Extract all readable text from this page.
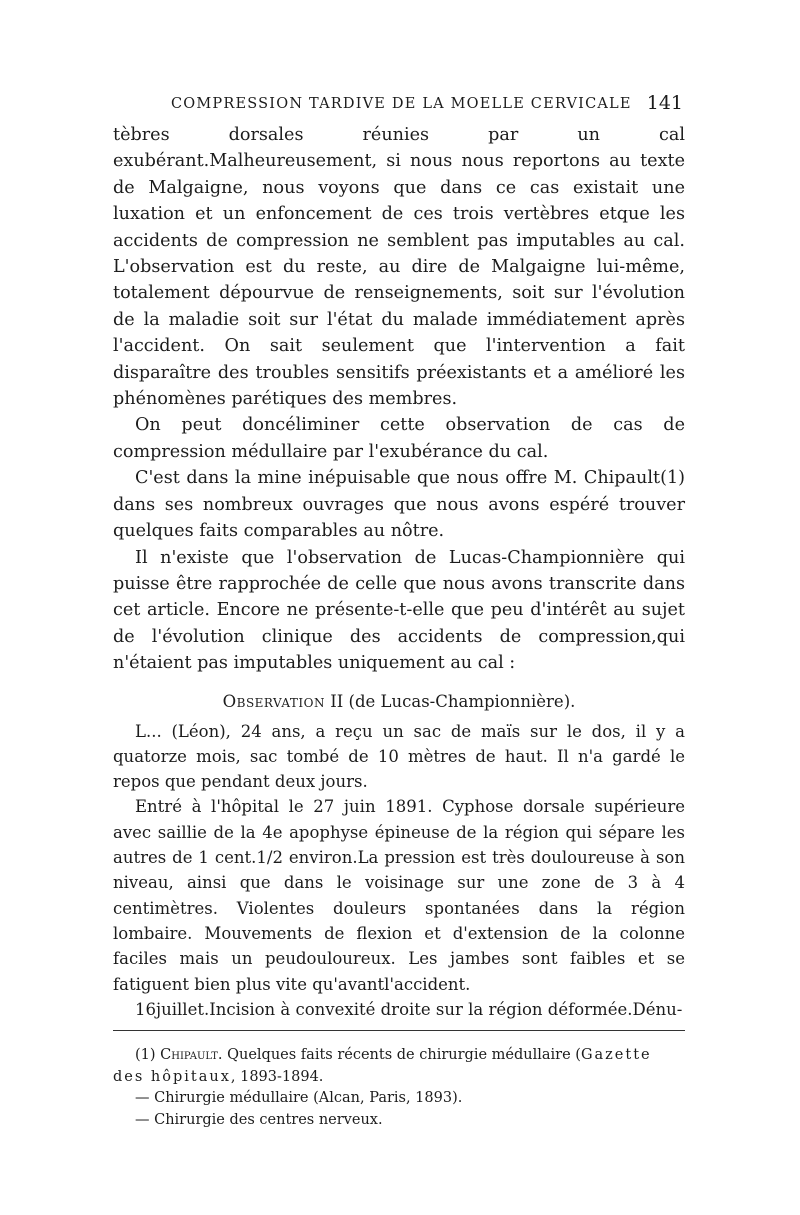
COMPRESSION TARDIVE DE LA MOELLE CERVICALE 141

tèbres dorsales réunies par un cal exubérant.Malheureusement, si nous nous reportons au texte de Malgaigne, nous voyons que dans ce cas existait une luxation et un enfoncement de ces trois vertèbres etque les accidents de compression ne semblent pas imputables au cal. L'observation est du reste, au dire de Malgaigne lui-même, totalement dépourvue de renseignements, soit sur l'évolution de la maladie soit sur l'état du malade immédiatement après l'accident. On sait seulement que l'intervention a fait disparaître des troubles sensitifs préexistants et a amélioré les phénomènes parétiques des membres.

On peut doncéliminer cette observation de cas de compression médullaire par l'exubérance du cal.

C'est dans la mine inépuisable que nous offre M. Chipault(1) dans ses nombreux ouvrages que nous avons espéré trouver quelques faits comparables au nôtre.

Il n'existe que l'observation de Lucas-Championnière qui puisse être rapprochée de celle que nous avons transcrite dans cet article. Encore ne présente-t-elle que peu d'intérêt au sujet de l'évolution clinique des accidents de compression,qui n'étaient pas imputables uniquement au cal :

Observation II (de Lucas-Championnière).

L... (Léon), 24 ans, a reçu un sac de maïs sur le dos, il y a quatorze mois, sac tombé de 10 mètres de haut. Il n'a gardé le repos que pendant deux jours.

Entré à l'hôpital le 27 juin 1891. Cyphose dorsale supérieure avec saillie de la 4e apophyse épineuse de la région qui sépare les autres de 1 cent.1/2 environ.La pression est très douloureuse à son niveau, ainsi que dans le voisinage sur une zone de 3 à 4 centimètres. Violentes douleurs spontanées dans la région lombaire. Mouvements de flexion et d'extension de la colonne faciles mais un peudouloureux. Les jambes sont faibles et se fatiguent bien plus vite qu'avantl'accident.

16juillet.Incision à convexité droite sur la région déformée.Dénu-

(1) Chipault. Quelques faits récents de chirurgie médullaire (Gazette des hôpitaux, 1893-1894.

— Chirurgie médullaire (Alcan, Paris, 1893).

— Chirurgie des centres nerveux.
